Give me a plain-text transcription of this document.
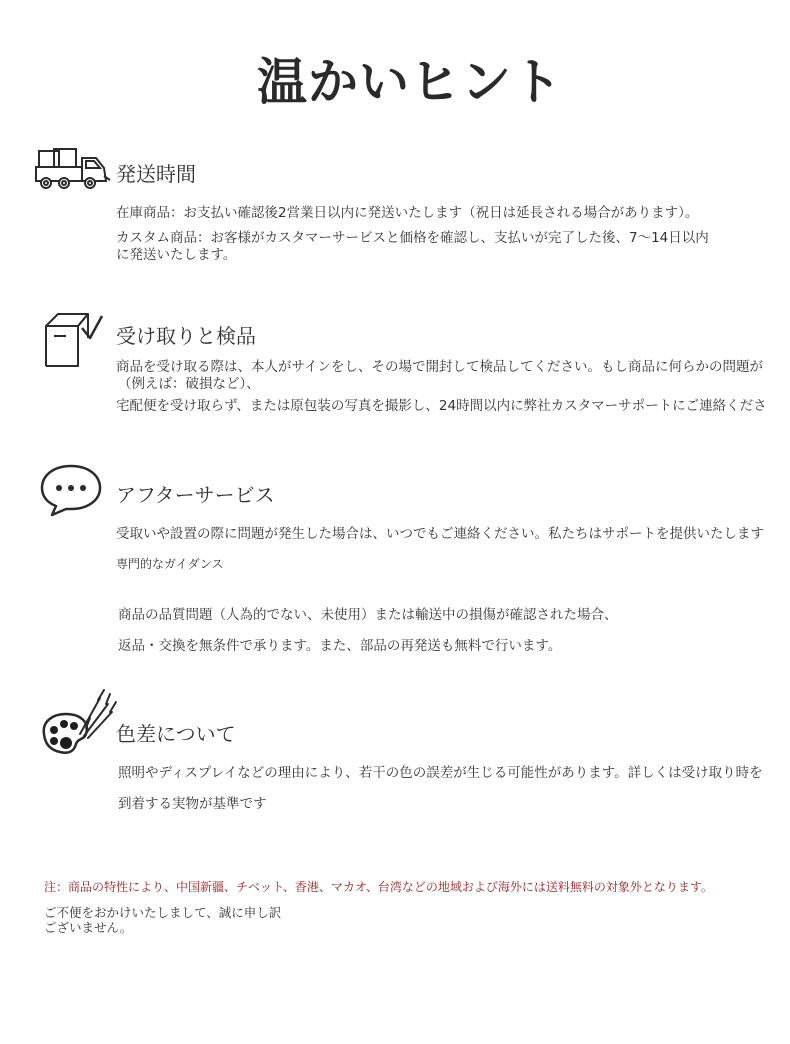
温かいヒント
発送時間
在庫商品：お支払い確認後2営業日以内に発送いたします（祝日は延長される場合があります）。
カスタム商品：お客様がカスタマーサービスと価格を確認し、支払いが完了した後、7〜14日以内
に発送いたします。
受け取りと検品
商品を受け取る際は、本人がサインをし、その場で開封して検品してください。もし商品に何らかの問題が
（例えば：破損など）、
宅配便を受け取らず、または原包装の写真を撮影し、24時間以内に弊社カスタマーサポートにご連絡くださ
アフターサービス
受取いや設置の際に問題が発生した場合は、いつでもご連絡ください。私たちはサポートを提供いたします
専門的なガイダンス
商品の品質問題（人為的でない、未使用）または輸送中の損傷が確認された場合、
返品・交換を無条件で承ります。また、部品の再発送も無料で行います。
色差について
照明やディスプレイなどの理由により、若干の色の誤差が生じる可能性があります。詳しくは受け取り時を
到着する実物が基準です
注：商品の特性により、中国新疆、チベット、香港、マカオ、台湾などの地域および海外には送料無料の対象外となります。
ご不便をおかけいたしまして、誠に申し訳ございません。
